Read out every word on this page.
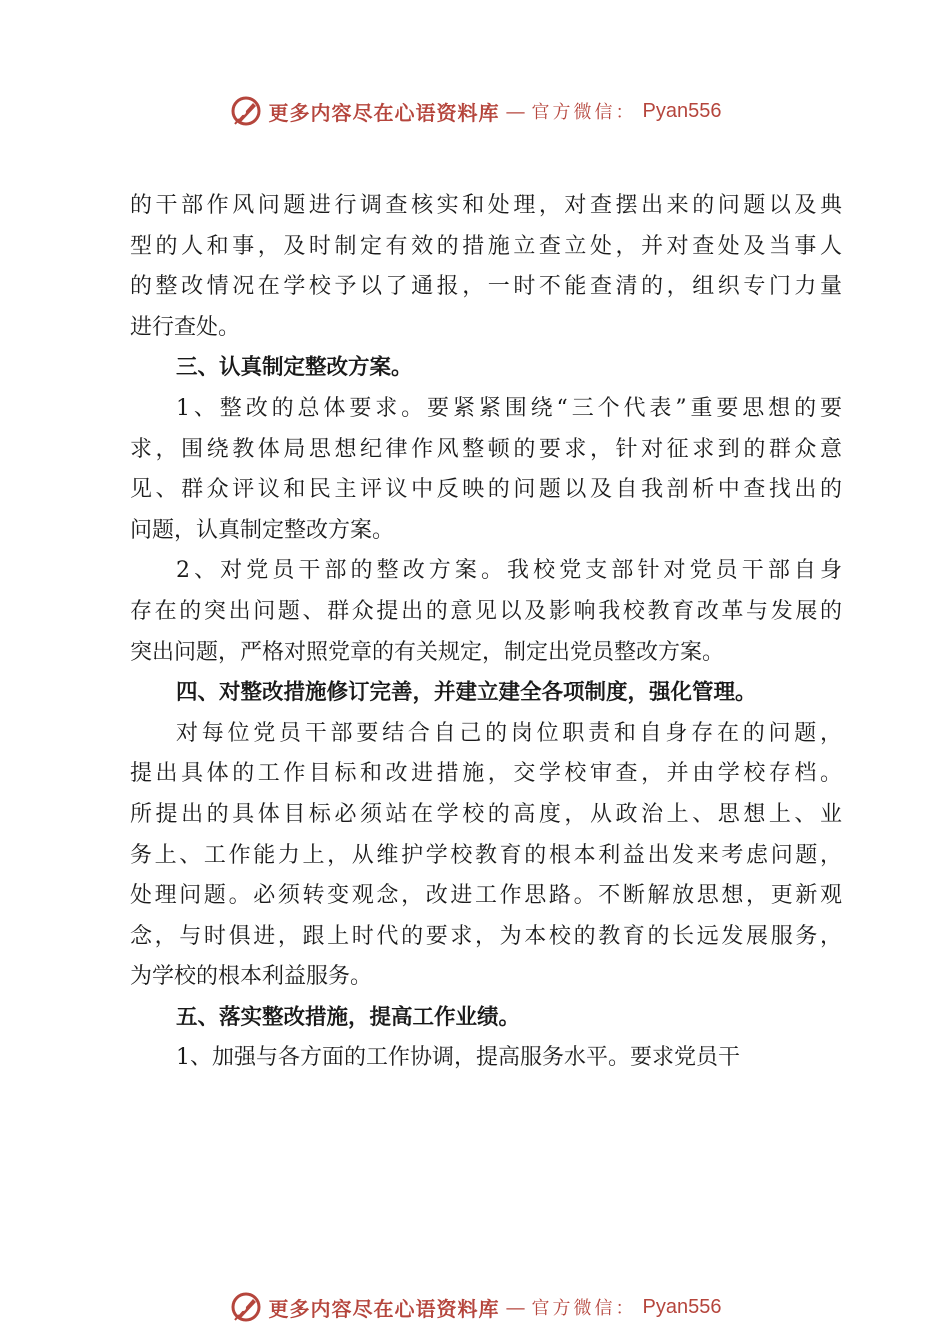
更多内容尽在心语资料库 — 官方微信： Pyan556
的干部作风问题进行调查核实和处理，对查摆出来的问题以及典
型的人和事，及时制定有效的措施立查立处，并对查处及当事人
的整改情况在学校予以了通报，一时不能查清的，组织专门力量
进行查处。
三、认真制定整改方案。
1、整改的总体要求。要紧紧围绕“三个代表”重要思想的要
求，围绕教体局思想纪律作风整顿的要求，针对征求到的群众意
见、群众评议和民主评议中反映的问题以及自我剖析中查找出的
问题，认真制定整改方案。
2、对党员干部的整改方案。我校党支部针对党员干部自身
存在的突出问题、群众提出的意见以及影响我校教育改革与发展的
突出问题，严格对照党章的有关规定，制定出党员整改方案。
四、对整改措施修订完善，并建立建全各项制度，强化管理。
对每位党员干部要结合自己的岗位职责和自身存在的问题，
提出具体的工作目标和改进措施，交学校审查，并由学校存档。
所提出的具体目标必须站在学校的高度，从政治上、思想上、业
务上、工作能力上，从维护学校教育的根本利益出发来考虑问题，
处理问题。必须转变观念，改进工作思路。不断解放思想，更新观
念，与时俱进，跟上时代的要求，为本校的教育的长远发展服务，
为学校的根本利益服务。
五、落实整改措施，提高工作业绩。
1、加强与各方面的工作协调，提高服务水平。要求党员干
更多内容尽在心语资料库 — 官方微信： Pyan556
